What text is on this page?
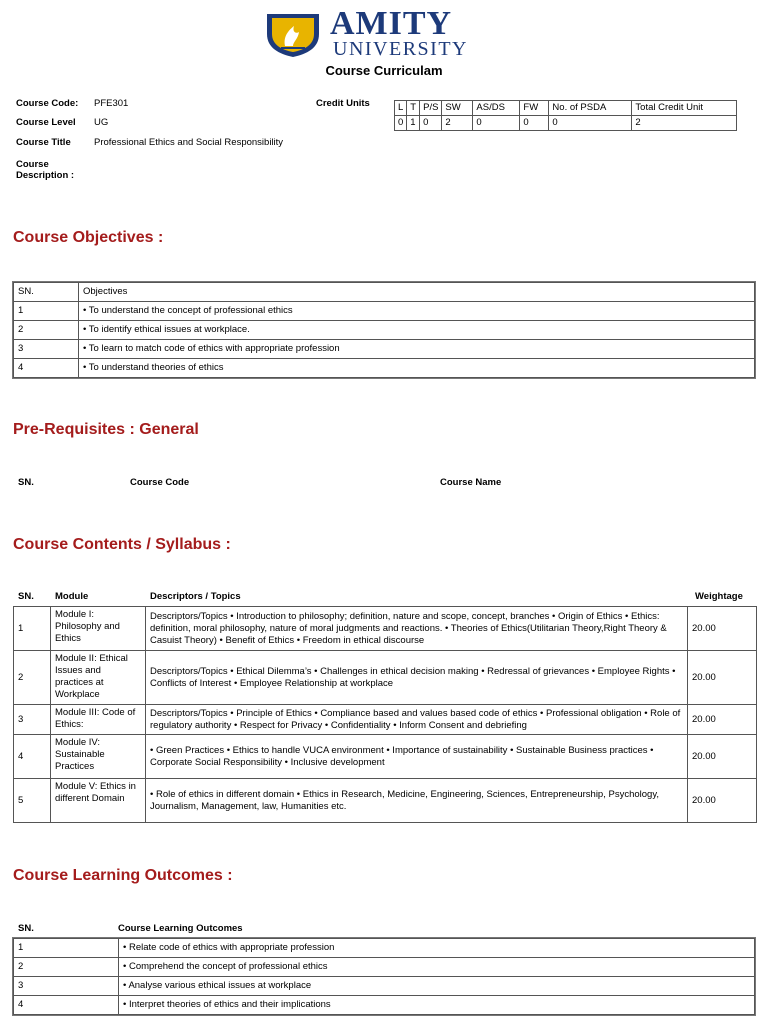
AMITY
UNIVERSITY
Course Curriculam
Course Code: PFE301
Course Level UG
Course Title Professional Ethics and Social Responsibility
Course
Description :
Credit Units	L	T	P/S	SW	AS/DS	FW	No. of PSDA	Total Credit Unit
0	1	0	2	0	0	0	2
Course Objectives :
SN.	Objectives
1	• To understand the concept of professional ethics
2	• To identify ethical issues at workplace.
3	• To learn to match code of ethics with appropriate profession
4	• To understand theories of ethics
Pre-Requisites : General
SN.	Course Code	Course Name
Course Contents / Syllabus :
SN. Module	Descriptors / Topics	Weightage
1	Module I: Philosophy and Ethics	Descriptors/Topics • Introduction to philosophy; definition, nature and scope, concept, branches • Origin of Ethics • Ethics: definition, moral philosophy, nature of moral judgments and reactions. • Theories of Ethics(Utilitarian Theory,Right Theory & Casuist Theory) • Benefit of Ethics • Freedom in ethical discourse	20.00
2	Module II: Ethical Issues and practices at Workplace	Descriptors/Topics • Ethical Dilemma’s • Challenges in ethical decision making • Redressal of grievances • Employee Rights • Conflicts of Interest • Employee Relationship at workplace	20.00
3	Module III: Code of Ethics:	Descriptors/Topics • Principle of Ethics • Compliance based and values based code of ethics • Professional obligation • Role of regulatory authority • Respect for Privacy • Confidentiality • Inform Consent and debriefing	20.00
4	Module IV: Sustainable Practices	• Green Practices • Ethics to handle VUCA environment • Importance of sustainability • Sustainable Business practices • Corporate Social Responsibility • Inclusive development	20.00
5	Module V: Ethics in different Domain	• Role of ethics in different domain • Ethics in Research, Medicine, Engineering, Sciences, Entrepreneurship, Psychology, Journalism, Management, law, Humanities etc.	20.00
Course Learning Outcomes :
SN.	Course Learning Outcomes
1	• Relate code of ethics with appropriate profession
2	• Comprehend the concept of professional ethics
3	• Analyse various ethical issues at workplace
4	• Interpret theories of ethics and their implications
